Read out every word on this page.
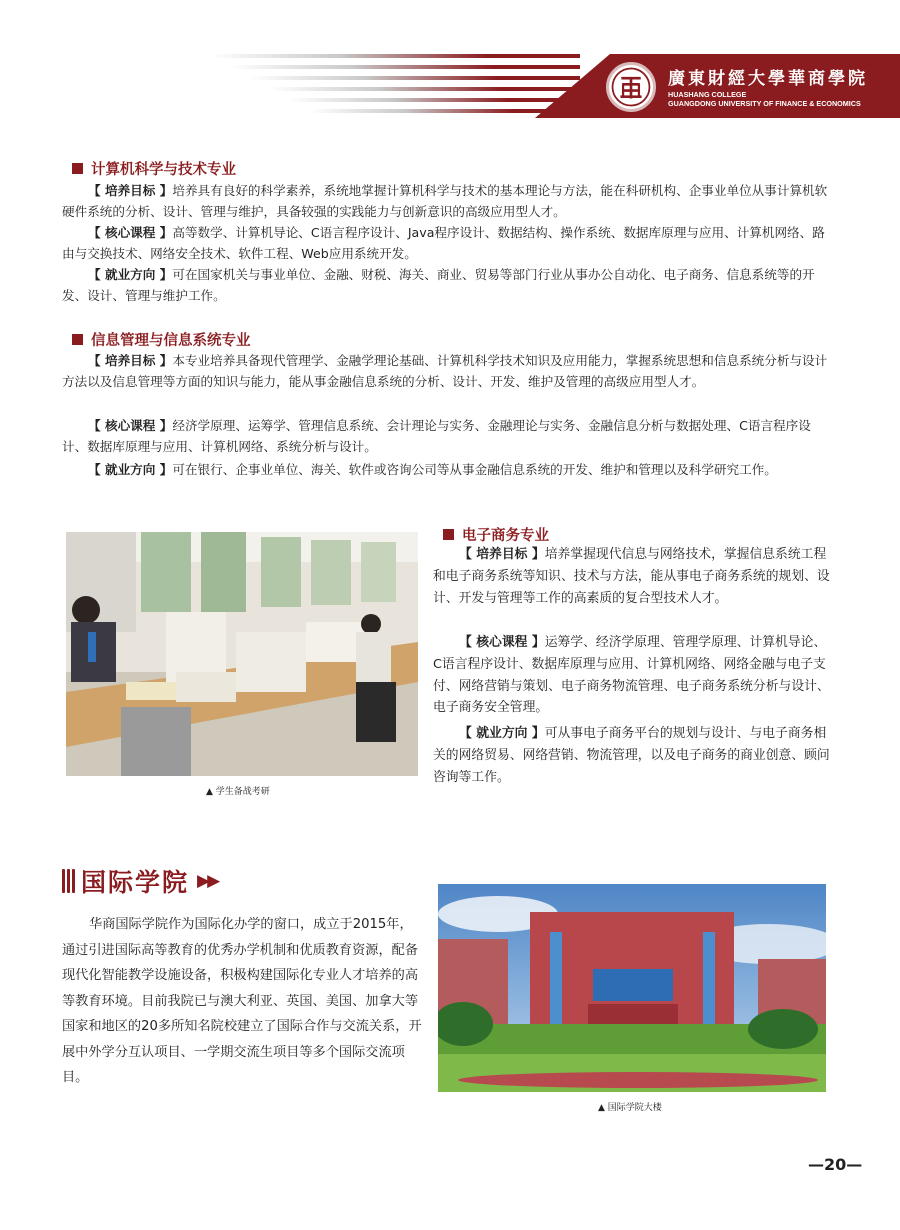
廣東財經大學華商學院
HUASHANG COLLEGE
GUANGDONG UNIVERSITY OF FINANCE & ECONOMICS
计算机科学与技术专业
【 培养目标 】培养具有良好的科学素养，系统地掌握计算机科学与技术的基本理论与方法，能在科研机构、企事业单位从事计算机软硬件系统的分析、设计、管理与维护，具备较强的实践能力与创新意识的高级应用型人才。
【 核心课程 】高等数学、计算机导论、C语言程序设计、Java程序设计、数据结构、操作系统、数据库原理与应用、计算机网络、路由与交换技术、网络安全技术、软件工程、Web应用系统开发。
【 就业方向 】可在国家机关与事业单位、金融、财税、海关、商业、贸易等部门行业从事办公自动化、电子商务、信息系统等的开发、设计、管理与维护工作。
信息管理与信息系统专业
【 培养目标 】本专业培养具备现代管理学、金融学理论基础、计算机科学技术知识及应用能力，掌握系统思想和信息系统分析与设计方法以及信息管理等方面的知识与能力，能从事金融信息系统的分析、设计、开发、维护及管理的高级应用型人才。
【 核心课程 】经济学原理、运筹学、管理信息系统、会计理论与实务、金融理论与实务、金融信息分析与数据处理、C语言程序设计、数据库原理与应用、计算机网络、系统分析与设计。
【 就业方向 】可在银行、企事业单位、海关、软件或咨询公司等从事金融信息系统的开发、维护和管理以及科学研究工作。
▲ 学生备战考研
电子商务专业
【 培养目标 】培养掌握现代信息与网络技术，掌握信息系统工程和电子商务系统等知识、技术与方法，能从事电子商务系统的规划、设计、开发与管理等工作的高素质的复合型技术人才。
【 核心课程 】运筹学、经济学原理、管理学原理、计算机导论、C语言程序设计、数据库原理与应用、计算机网络、网络金融与电子支付、网络营销与策划、电子商务物流管理、电子商务系统分析与设计、电子商务安全管理。
【 就业方向 】可从事电子商务平台的规划与设计、与电子商务相关的网络贸易、网络营销、物流管理，以及电子商务的商业创意、顾问咨询等工作。
国际学院 ▶▶
华商国际学院作为国际化办学的窗口，成立于2015年，通过引进国际高等教育的优秀办学机制和优质教育资源，配备现代化智能教学设施设备，积极构建国际化专业人才培养的高等教育环境。目前我院已与澳大利亚、英国、美国、加拿大等国家和地区的20多所知名院校建立了国际合作与交流关系，开展中外学分互认项目、一学期交流生项目等多个国际交流项目。
▲ 国际学院大楼
—20—
